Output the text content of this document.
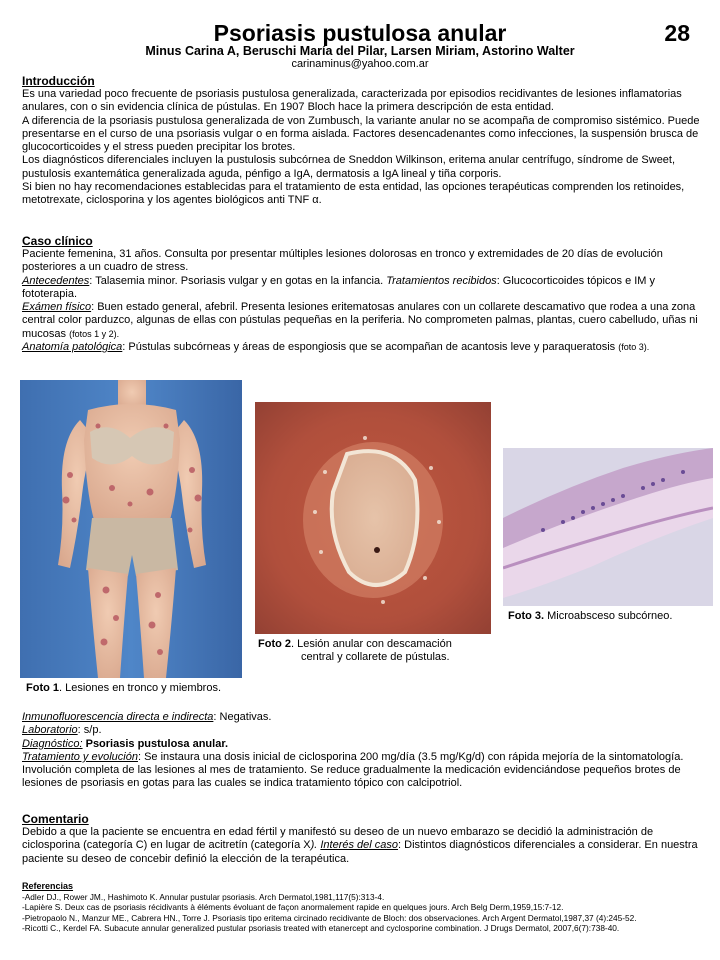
Psoriasis pustulosa anular	28
Minus Carina A, Beruschi María del Pilar, Larsen Miriam, Astorino Walter
carinaminus@yahoo.com.ar

Introducción

Es una variedad poco frecuente de psoriasis pustulosa generalizada, caracterizada por episodios recidivantes de lesiones inflamatorias anulares, con o sin evidencia clínica de pústulas. En 1907 Bloch hace la primera descripción de esta entidad.

A diferencia de la psoriasis pustulosa generalizada de von Zumbusch, la variante anular no se acompaña de compromiso sistémico. Puede presentarse en el curso de una psoriasis vulgar o en forma aislada. Factores desencadenantes como infecciones, la suspensión brusca de glucocorticoides y el stress pueden precipitar los brotes.

Los diagnósticos diferenciales incluyen la pustulosis subcórnea de Sneddon Wilkinson, eritema anular centrífugo, síndrome de Sweet, pustulosis exantemática generalizada aguda, pénfigo a IgA, dermatosis a IgA lineal y tiña corporis.

Si bien no hay recomendaciones establecidas para el tratamiento de esta entidad, las opciones terapéuticas comprenden los retinoides, metotrexate, ciclosporina y los agentes biológicos anti TNF α.

Caso clínico

Paciente femenina, 31 años. Consulta por presentar múltiples lesiones dolorosas en tronco y extremidades de 20 días de evolución posteriores a un cuadro de stress.

Antecedentes: Talasemia minor. Psoriasis vulgar y en gotas en la infancia. Tratamientos recibidos: Glucocorticoides tópicos e IM y fototerapia.

Exámen físico: Buen estado general, afebril. Presenta lesiones eritematosas anulares con un collarete descamativo que rodea a una zona central color parduzco, algunas de ellas con pústulas pequeñas en la periferia. No comprometen palmas, plantas, cuero cabelludo, uñas ni mucosas (fotos 1 y 2).

Anatomía patológica: Pústulas subcórneas y áreas de espongiosis que se acompañan de acantosis leve y paraqueratosis (foto 3).

Foto 1. Lesiones en tronco y miembros.
Foto 2. Lesión anular con descamación
central y collarete de pústulas.
Foto 3. Microabsceso subcórneo.

Inmunofluorescencia directa e indirecta: Negativas.

Laboratorio: s/p.

Diagnóstico: Psoriasis pustulosa anular.

Tratamiento y evolución: Se instaura una dosis inicial de ciclosporina 200 mg/día (3.5 mg/Kg/d) con rápida mejoría de la sintomatología. Involución completa de las lesiones al mes de tratamiento. Se reduce gradualmente la medicación evidenciándose pequeños brotes de lesiones de psoriasis en gotas para las cuales se indica tratamiento tópico con calcipotriol.

Comentario

Debido a que la paciente se encuentra en edad fértil y manifestó su deseo de un nuevo embarazo se decidió la administración de ciclosporina (categoría C) en lugar de acitretín (categoría X). Interés del caso: Distintos diagnósticos diferenciales a considerar. En nuestra paciente su deseo de concebir definió la elección de la terapéutica.

Referencias

-Adler DJ., Rower JM., Hashimoto K. Annular pustular psoriasis. Arch Dermatol,1981,117(5):313-4.

-Lapière S. Deux cas de psoriasis récidivants à éléments évoluant de façon anormalement rapide en quelques jours. Arch Belg Derm,1959,15:7-12.

-Pietropaolo N., Manzur ME., Cabrera HN., Torre J. Psoriasis tipo eritema circinado recidivante de Bloch: dos observaciones. Arch Argent Dermatol,1987,37 (4):245-52.

-Ricotti C., Kerdel FA. Subacute annular generalized pustular psoriasis treated with etanercept and cyclosporine combination. J Drugs Dermatol, 2007,6(7):738-40.
